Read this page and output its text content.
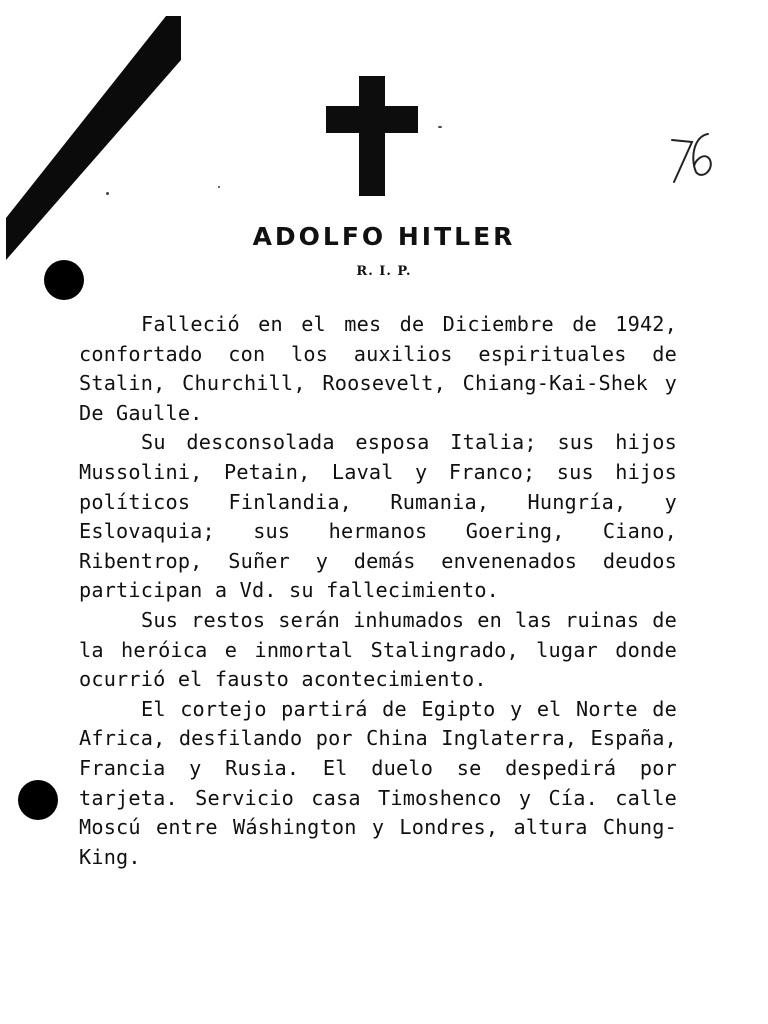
ADOLFO HITLER
R. I. P.

Falleció en el mes de Diciembre de 1942, confortado con los auxilios espirituales de Stalin, Churchill, Roosevelt, Chiang-Kai-Shek y De Gaulle.

Su desconsolada esposa Italia; sus hijos Mussolini, Petain, Laval y Franco; sus hijos políticos Finlandia, Rumania, Hungría, y Eslovaquia; sus hermanos Goering, Ciano, Ribentrop, Suñer y demás envenenados deudos participan a Vd. su fallecimiento.

Sus restos serán inhumados en las ruinas de la heróica e inmortal Stalingrado, lugar donde ocurrió el fausto acontecimiento.

El cortejo partirá de Egipto y el Norte de Africa, desfilando por China Inglaterra, España, Francia y Rusia. El duelo se despedirá por tarjeta. Servicio casa Timoshenco y Cía. calle Moscú entre Wáshington y Londres, altura Chung-King.
